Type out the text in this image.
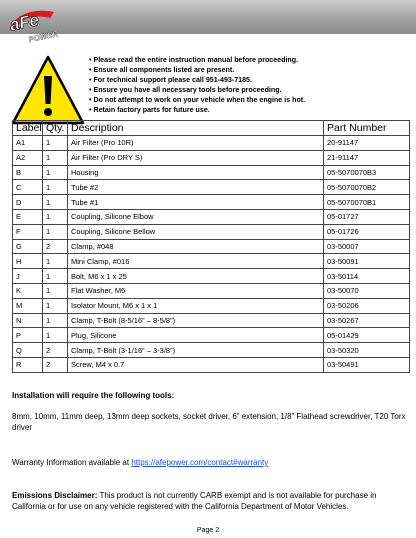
aFe
POWER
• Please read the entire instruction manual before proceeding.
• Ensure all components listed are present.
• For technical support please call 951-493-7185.
• Ensure you have all necessary tools before proceeding.
• Do not attempt to work on your vehicle when the engine is hot.
• Retain factory parts for future use.
Label	Qty.	Description	Part Number
A1	1	Air Filter (Pro 10R)	20-91147
A2	1	Air Filter (Pro DRY S)	21-91147
B	1	Housing	05-5070070B3
C	1	Tube #2	05-5070070B2
D	1	Tube #1	05-5070070B1
E	1	Coupling, Silicone Elbow	05-01727
F	1	Coupling, Silicone Bellow	05-01726
G	2	Clamp, #048	03-50007
H	1	Mini Clamp, #016	03-50091
J	1	Bolt, M6 x 1 x 25	03-50114
K	1	Flat Washer, M6	03-50070
M	1	Isolator Mount, M6 x 1 x 1	03-50206
N	1	Clamp, T-Bolt (8-5/16” – 8-5/8”)	03-50267
P	1	Plug, Silicone	05-01429
Q	2	Clamp, T-Bolt (3-1/16” – 3-3/8”)	03-50320
R	2	Screw, M4 x 0.7	03-50491
Installation will require the following tools:
8mm, 10mm, 11mm deep, 13mm deep sockets, socket driver, 6” extension, 1/8” Flathead screwdriver, T20 Torx driver
Warranty Information available at https://afepower.com/contact#warranty
Emissions Disclaimer: This product is not currently CARB exempt and is not available for purchase in California or for use on any vehicle registered with the California Department of Motor Vehicles.
Page 2
